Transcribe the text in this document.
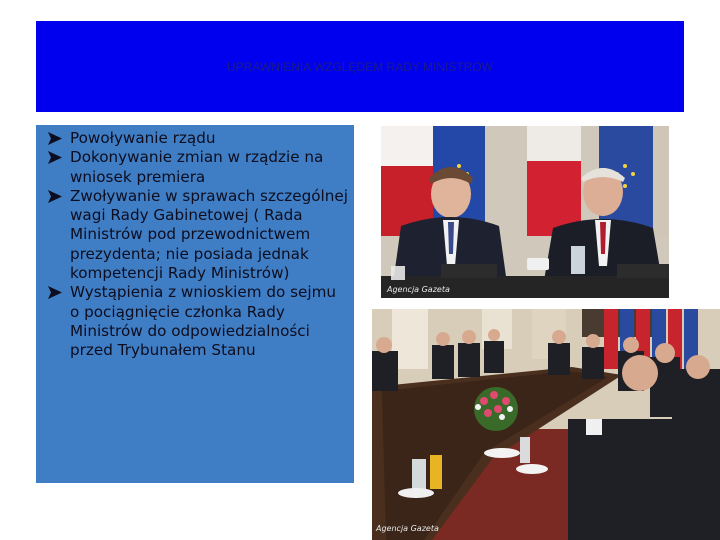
UPRAWNIENIA WZGLĘDEM RADY MINISTRÓW
Powoływanie rządu
Dokonywanie zmian w rządzie na wniosek premiera
Zwoływanie w sprawach szczególnej wagi Rady Gabinetowej ( Rada Ministrów pod przewodnictwem prezydenta; nie posiada jednak kompetencji Rady Ministrów)
Wystąpienia z wnioskiem do sejmu o pociągnięcie członka Rady Ministrów do odpowiedzialności przed Trybunałem Stanu
Agencja Gazeta
Agencja Gazeta
